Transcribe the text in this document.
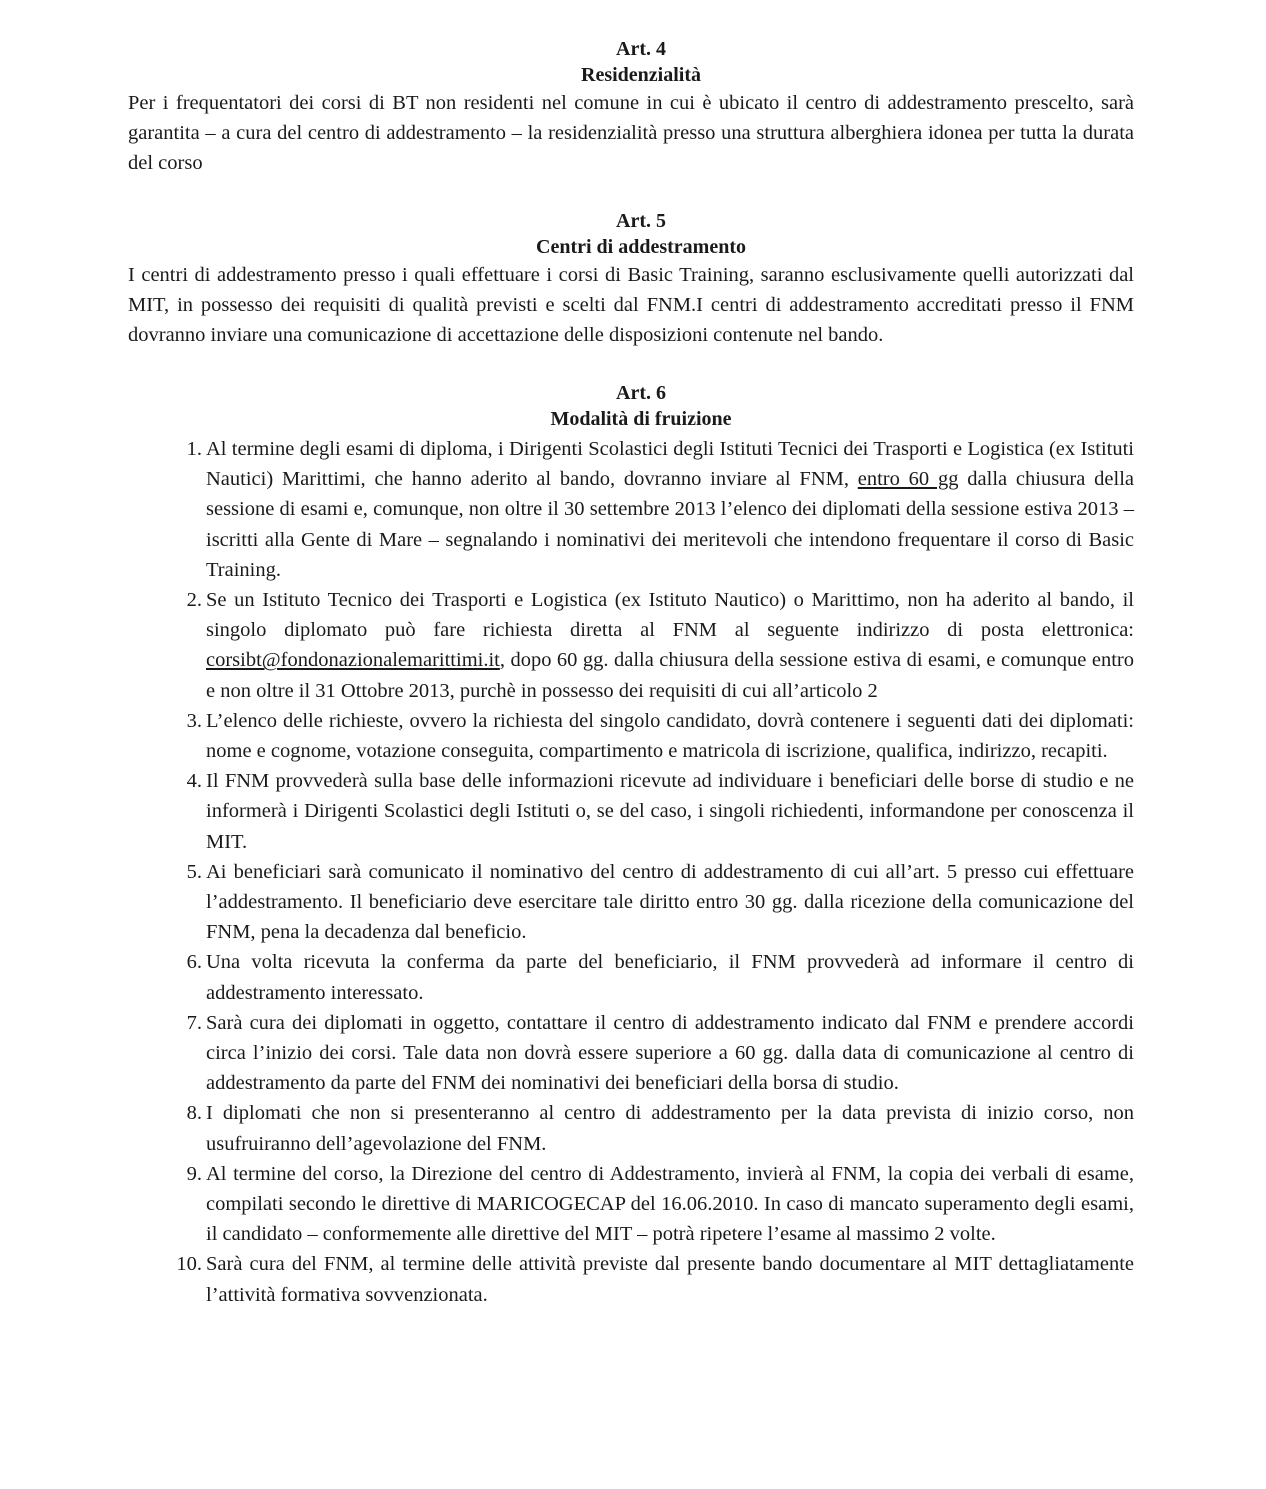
Art. 4
Residenzialità

Per i frequentatori dei corsi di BT non residenti nel comune in cui è ubicato il centro di addestramento prescelto, sarà garantita – a cura del centro di addestramento – la residenzialità presso una struttura alberghiera idonea per tutta la durata del corso

Art. 5
Centri di addestramento

I centri di addestramento presso i quali effettuare i corsi di Basic Training, saranno esclusivamente quelli autorizzati dal MIT, in possesso dei requisiti di qualità previsti e scelti dal FNM.I centri di addestramento accreditati presso il FNM dovranno inviare una comunicazione di accettazione delle disposizioni contenute nel bando.

Art. 6
Modalità di fruizione
1. Al termine degli esami di diploma, i Dirigenti Scolastici degli Istituti Tecnici dei Trasporti e Logistica (ex Istituti Nautici) Marittimi, che hanno aderito al bando, dovranno inviare al FNM, entro 60 gg dalla chiusura della sessione di esami e, comunque, non oltre il 30 settembre 2013 l’elenco dei diplomati della sessione estiva 2013 – iscritti alla Gente di Mare – segnalando i nominativi dei meritevoli che intendono frequentare il corso di Basic Training.
2. Se un Istituto Tecnico dei Trasporti e Logistica (ex Istituto Nautico) o Marittimo, non ha aderito al bando, il singolo diplomato può fare richiesta diretta al FNM al seguente indirizzo di posta elettronica: corsibt@fondonazionalemarittimi.it, dopo 60 gg. dalla chiusura della sessione estiva di esami, e comunque entro e non oltre il 31 Ottobre 2013, purchè in possesso dei requisiti di cui all’articolo 2
3. L’elenco delle richieste, ovvero la richiesta del singolo candidato, dovrà contenere i seguenti dati dei diplomati: nome e cognome, votazione conseguita, compartimento e matricola di iscrizione, qualifica, indirizzo, recapiti.
4. Il FNM provvederà sulla base delle informazioni ricevute ad individuare i beneficiari delle borse di studio e ne informerà i Dirigenti Scolastici degli Istituti o, se del caso, i singoli richiedenti, informandone per conoscenza il MIT.
5. Ai beneficiari sarà comunicato il nominativo del centro di addestramento di cui all’art. 5 presso cui effettuare l’addestramento. Il beneficiario deve esercitare tale diritto entro 30 gg. dalla ricezione della comunicazione del FNM, pena la decadenza dal beneficio.
6. Una volta ricevuta la conferma da parte del beneficiario, il FNM provvederà ad informare il centro di addestramento interessato.
7. Sarà cura dei diplomati in oggetto, contattare il centro di addestramento indicato dal FNM e prendere accordi circa l’inizio dei corsi. Tale data non dovrà essere superiore a 60 gg. dalla data di comunicazione al centro di addestramento da parte del FNM dei nominativi dei beneficiari della borsa di studio.
8. I diplomati che non si presenteranno al centro di addestramento per la data prevista di inizio corso, non usufruiranno dell’agevolazione del FNM.
9. Al termine del corso, la Direzione del centro di Addestramento, invierà al FNM, la copia dei verbali di esame, compilati secondo le direttive di MARICOGECAP del 16.06.2010. In caso di mancato superamento degli esami, il candidato – conformemente alle direttive del MIT – potrà ripetere l’esame al massimo 2 volte.
10. Sarà cura del FNM, al termine delle attività previste dal presente bando documentare al MIT dettagliatamente l’attività formativa sovvenzionata.
